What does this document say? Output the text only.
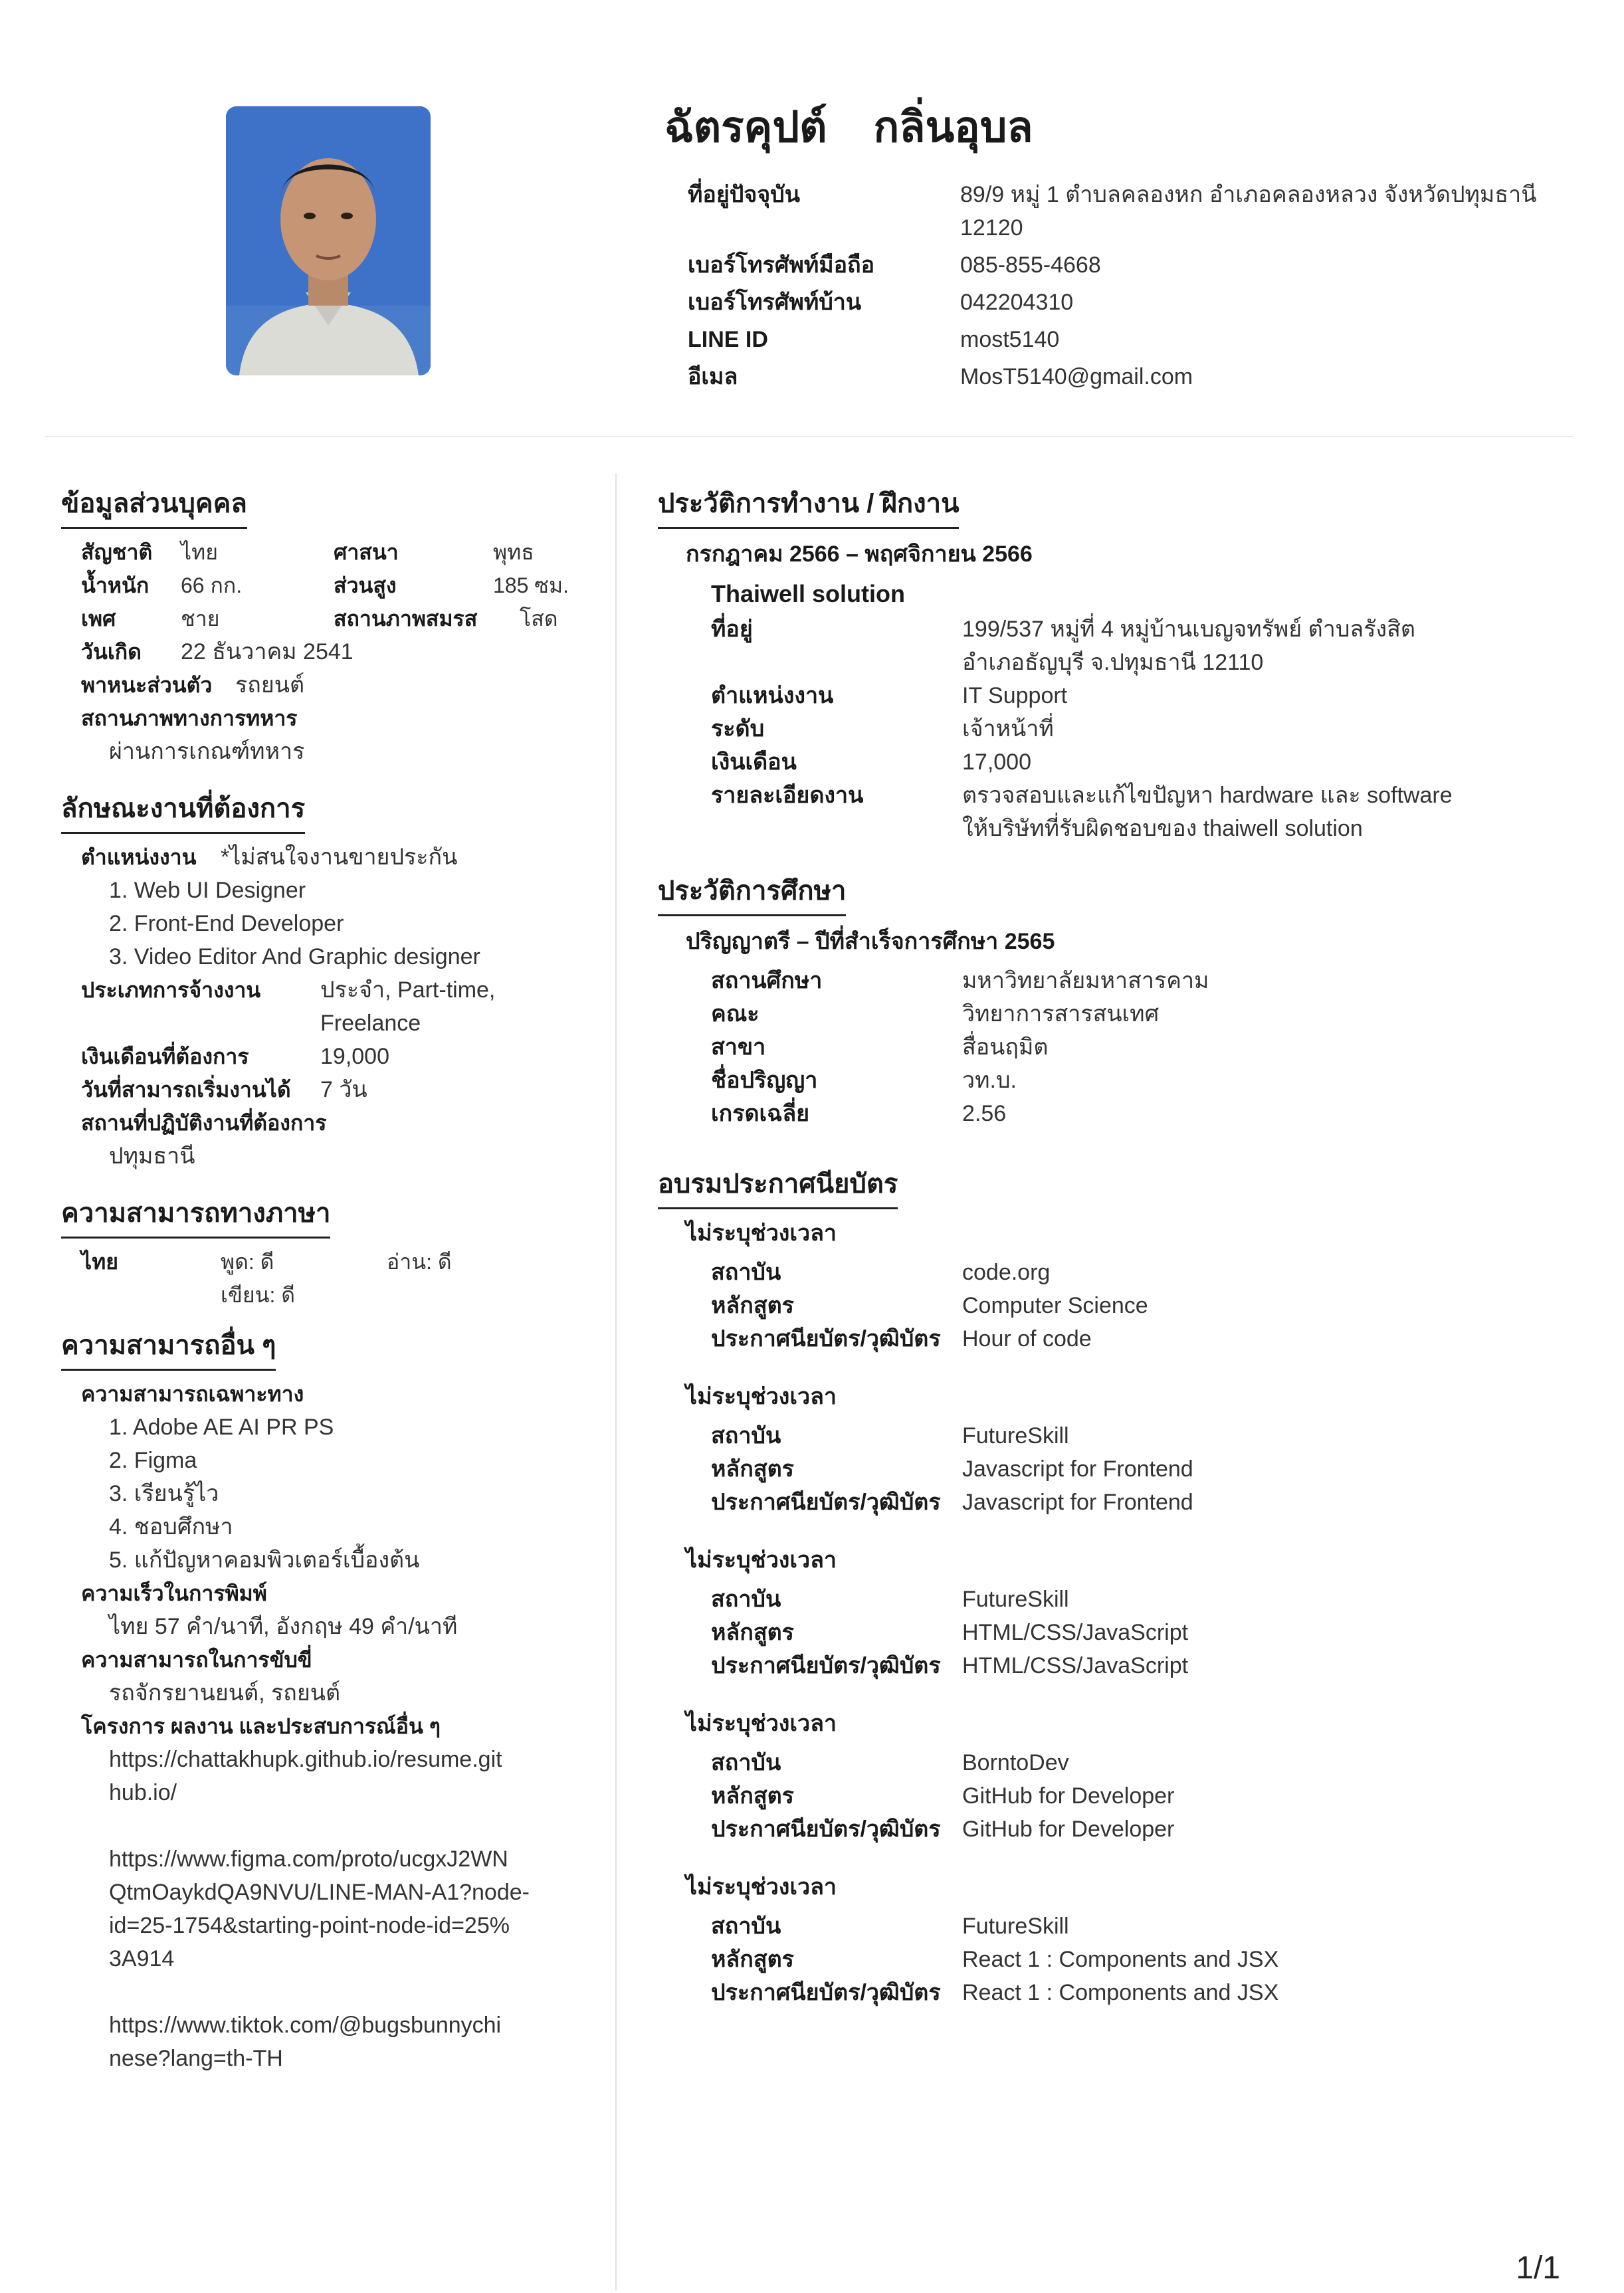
ฉัตรคุปต์ กลิ่นอุบล
ที่อยู่ปัจจุบัน	89/9 หมู่ 1 ตำบลคลองหก อำเภอคลองหลวง จังหวัดปทุมธานี 12120
เบอร์โทรศัพท์มือถือ	085-855-4668
เบอร์โทรศัพท์บ้าน	042204310
LINE ID	most5140
อีเมล	MosT5140@gmail.com
ข้อมูลส่วนบุคคล
สัญชาติ	ไทย	ศาสนา	พุทธ
น้ำหนัก	66 กก.	ส่วนสูง	185 ซม.
เพศ	ชาย	สถานภาพสมรส	โสด
วันเกิด	22 ธันวาคม 2541
พาหนะส่วนตัว	รถยนต์
สถานภาพทางการทหาร
ผ่านการเกณฑ์ทหาร
ลักษณะงานที่ต้องการ
ตำแหน่งงาน	*ไม่สนใจงานขายประกัน
1. Web UI Designer
2. Front-End Developer
3. Video Editor And Graphic designer
ประเภทการจ้างงาน	ประจำ, Part-time,
Freelance
เงินเดือนที่ต้องการ	19,000
วันที่สามารถเริ่มงานได้	7 วัน
สถานที่ปฏิบัติงานที่ต้องการ
ปทุมธานี
ความสามารถทางภาษา
ไทย	พูด: ดี	อ่าน: ดี
เขียน: ดี
ความสามารถอื่น ๆ
ความสามารถเฉพาะทาง
1. Adobe AE AI PR PS
2. Figma
3. เรียนรู้ไว
4. ชอบศึกษา
5. แก้ปัญหาคอมพิวเตอร์เบื้องต้น
ความเร็วในการพิมพ์
ไทย 57 คำ/นาที, อังกฤษ 49 คำ/นาที
ความสามารถในการขับขี่
รถจักรยานยนต์, รถยนต์
โครงการ ผลงาน และประสบการณ์อื่น ๆ
https://chattakhupk.github.io/resume.git
hub.io/
https://www.figma.com/proto/ucgxJ2WN
QtmOaykdQA9NVU/LINE-MAN-A1?node-
id=25-1754&starting-point-node-id=25%
3A914
https://www.tiktok.com/@bugsbunnychi
nese?lang=th-TH
ประวัติการทำงาน / ฝึกงาน
กรกฎาคม 2566 – พฤศจิกายน 2566
Thaiwell solution
ที่อยู่	199/537 หมู่ที่ 4 หมู่บ้านเบญจทรัพย์ ตำบลรังสิต
อำเภอธัญบุรี จ.ปทุมธานี 12110
ตำแหน่งงาน	IT Support
ระดับ	เจ้าหน้าที่
เงินเดือน	17,000
รายละเอียดงาน	ตรวจสอบและแก้ไขปัญหา hardware และ software
ให้บริษัทที่รับผิดชอบของ thaiwell solution
ประวัติการศึกษา
ปริญญาตรี – ปีที่สำเร็จการศึกษา 2565
สถานศึกษา	มหาวิทยาลัยมหาสารคาม
คณะ	วิทยาการสารสนเทศ
สาขา	สื่อนฤมิต
ชื่อปริญญา	วท.บ.
เกรดเฉลี่ย	2.56
อบรมประกาศนียบัตร
ไม่ระบุช่วงเวลา
สถาบัน	code.org
หลักสูตร	Computer Science
ประกาศนียบัตร/วุฒิบัตร Hour of code
ไม่ระบุช่วงเวลา
สถาบัน	FutureSkill
หลักสูตร	Javascript for Frontend
ประกาศนียบัตร/วุฒิบัตร Javascript for Frontend
ไม่ระบุช่วงเวลา
สถาบัน	FutureSkill
หลักสูตร	HTML/CSS/JavaScript
ประกาศนียบัตร/วุฒิบัตร HTML/CSS/JavaScript
ไม่ระบุช่วงเวลา
สถาบัน	BorntoDev
หลักสูตร	GitHub for Developer
ประกาศนียบัตร/วุฒิบัตร GitHub for Developer
ไม่ระบุช่วงเวลา
สถาบัน	FutureSkill
หลักสูตร	React 1 : Components and JSX
ประกาศนียบัตร/วุฒิบัตร React 1 : Components and JSX
1/1
